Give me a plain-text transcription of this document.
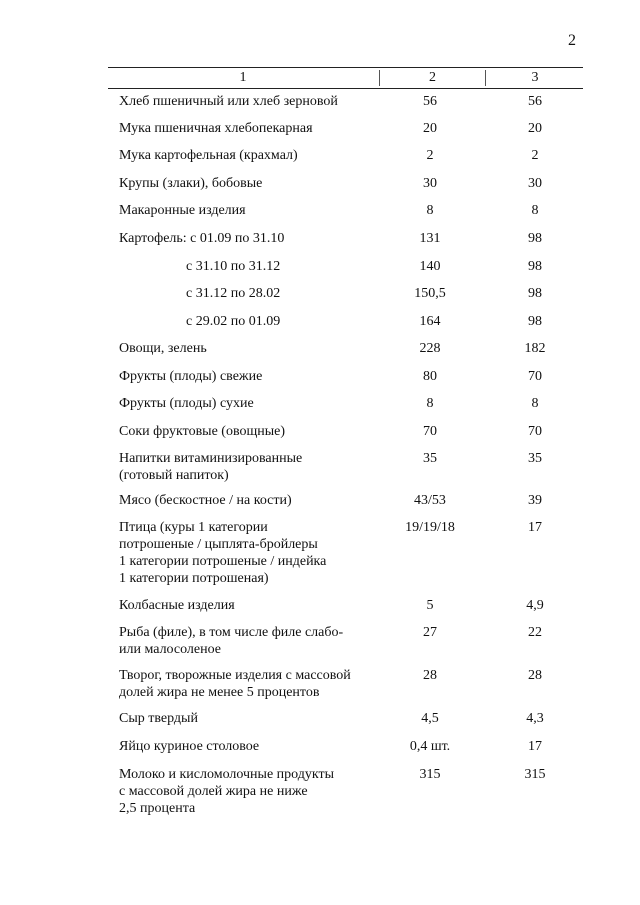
2
1	2	3
Хлеб пшеничный или хлеб зерновой	56	56
Мука пшеничная хлебопекарная	20	20
Мука картофельная (крахмал)	2	2
Крупы (злаки), бобовые	30	30
Макаронные изделия	8	8
Картофель: с 01.09 по 31.10	131	98
с 31.10 по 31.12	140	98
с 31.12 по 28.02	150,5	98
с 29.02 по 01.09	164	98
Овощи, зелень	228	182
Фрукты (плоды) свежие	80	70
Фрукты (плоды) сухие	8	8
Соки фруктовые (овощные)	70	70
Напитки витаминизированные
(готовый напиток)
35	35
Мясо (бескостное / на кости)	43/53	39
Птица (куры 1 категории
потрошеные / цыплята-бройлеры
1 категории потрошеные / индейка
1 категории потрошеная)
19/19/18	17
Колбасные изделия	5	4,9
Рыба (филе), в том числе филе слабо-
или малосоленое
27	22
Творог, творожные изделия с массовой
долей жира не менее 5 процентов
28	28
Сыр твердый	4,5	4,3
Яйцо куриное столовое	0,4 шт.	17
Молоко и кисломолочные продукты
с массовой долей жира не ниже
2,5 процента
315	315
